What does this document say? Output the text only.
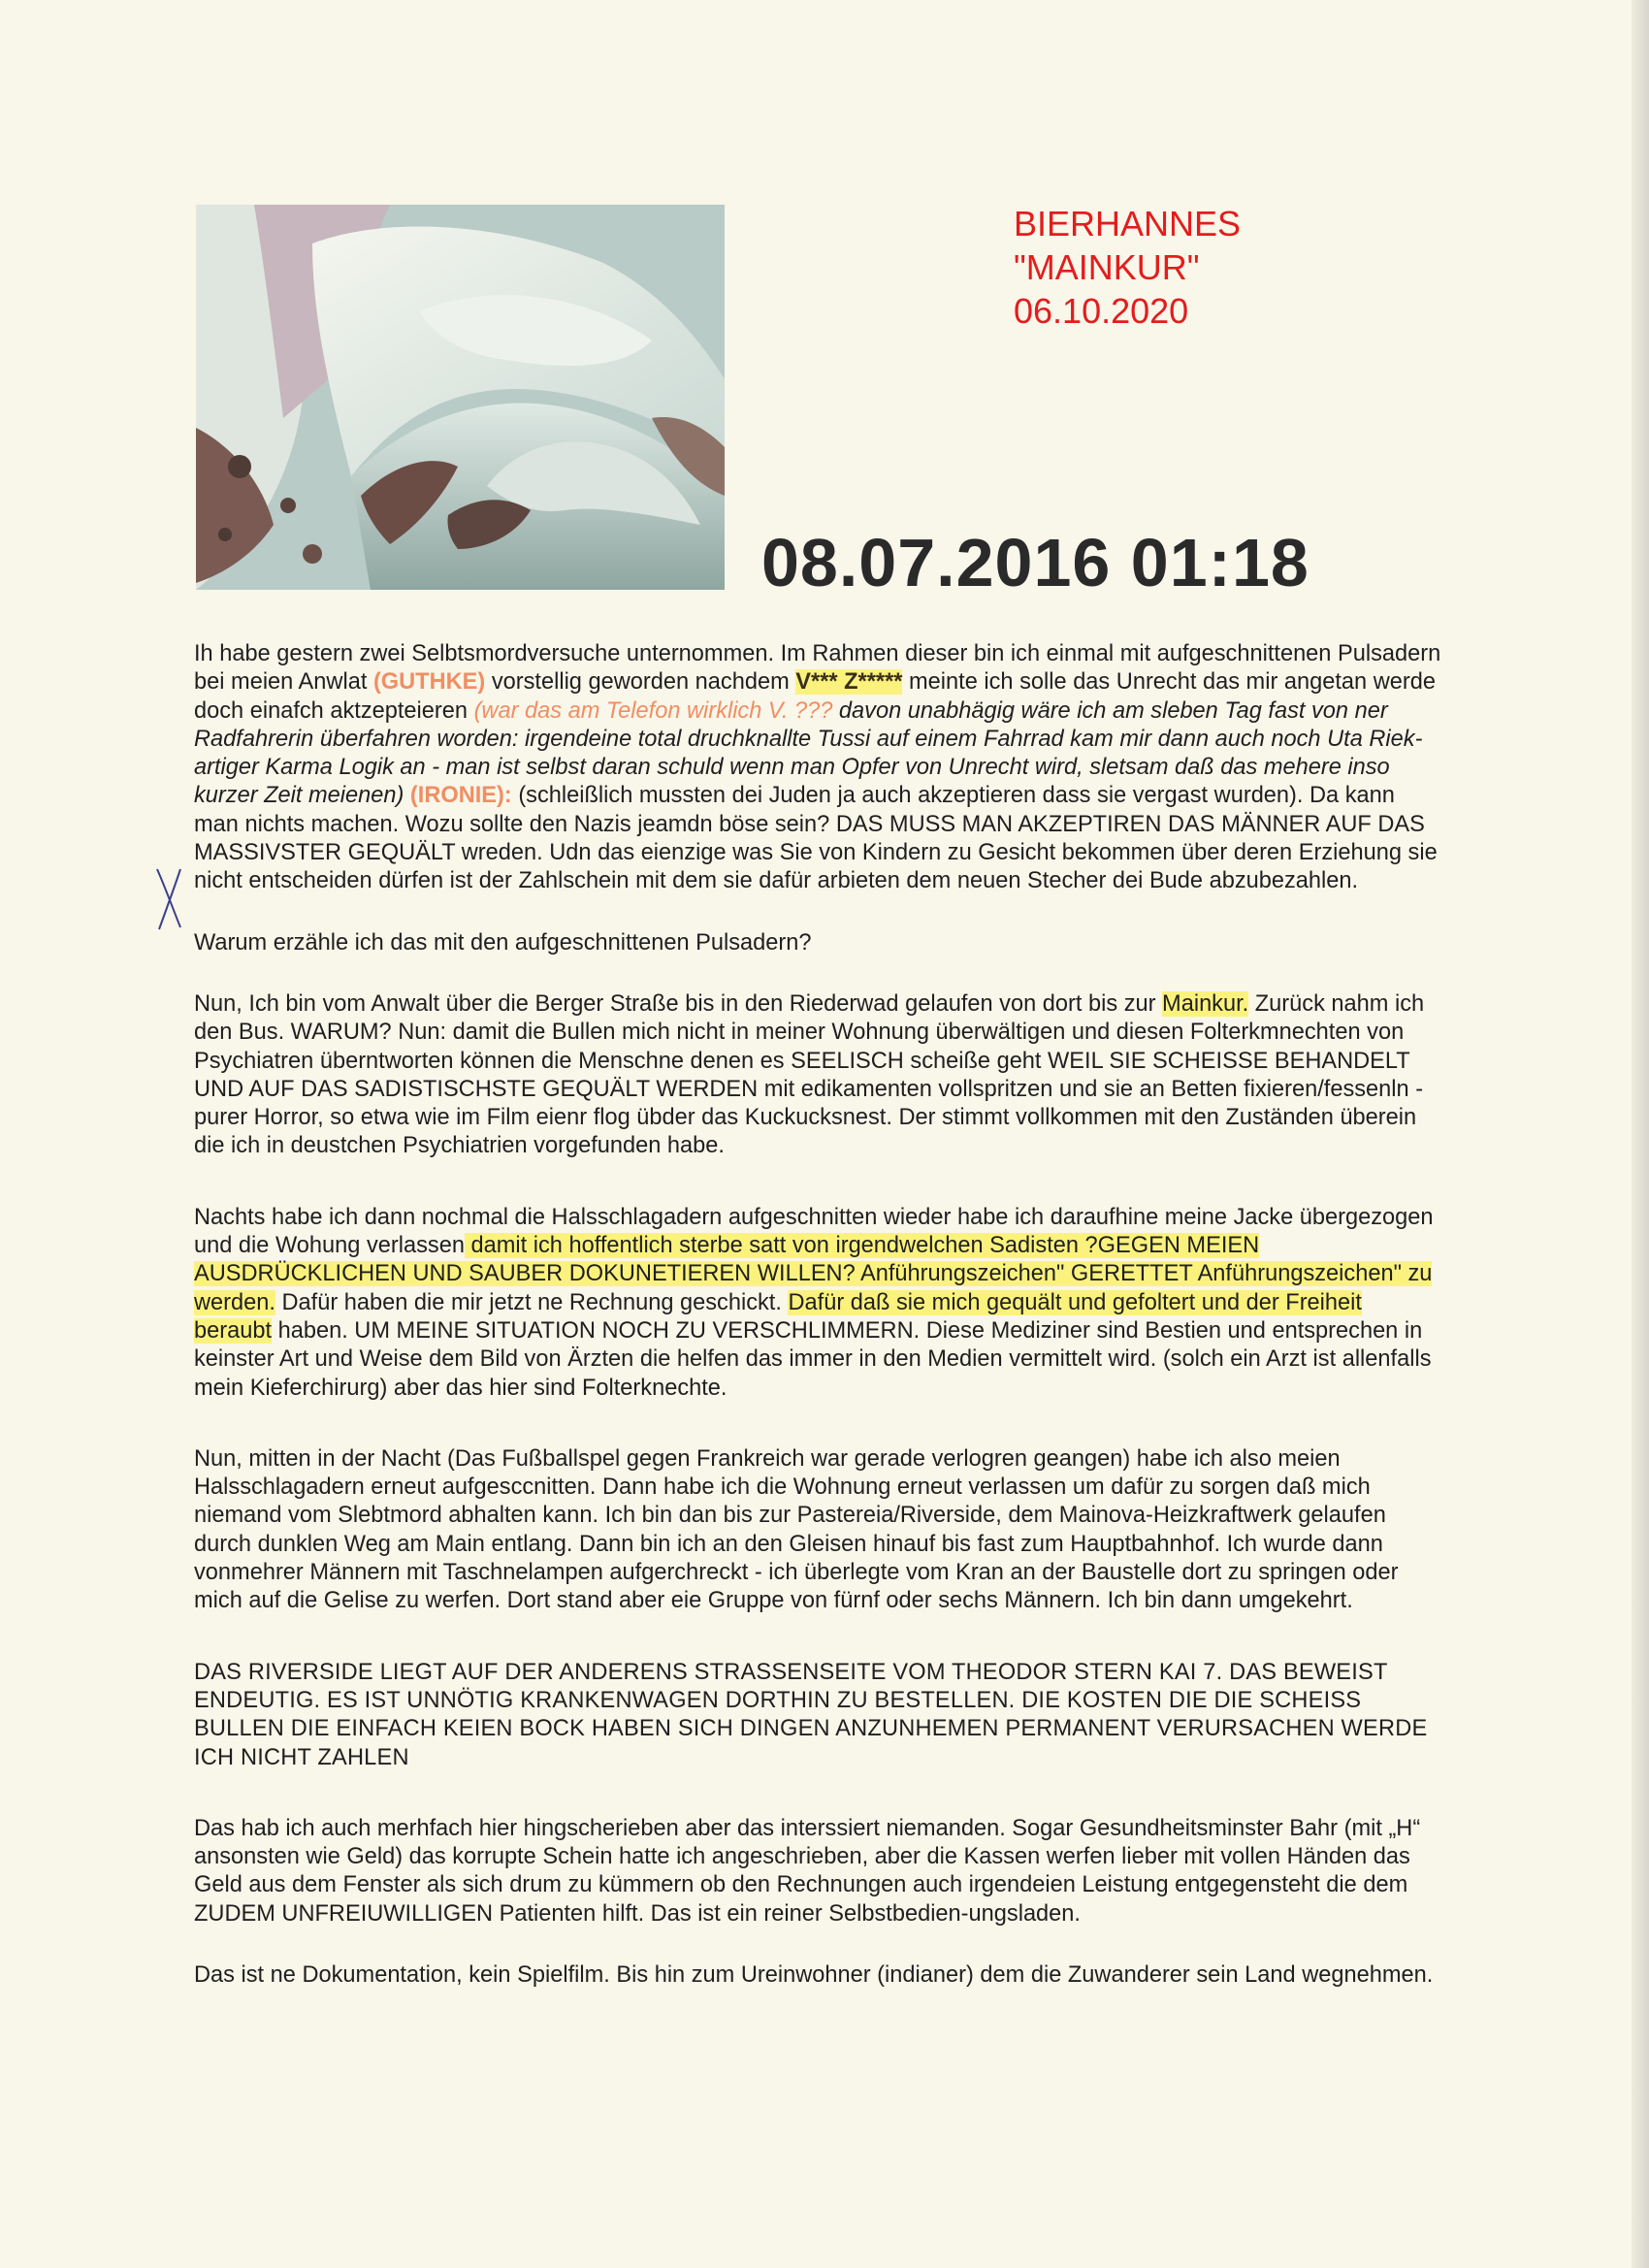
BIERHANNES
"MAINKUR"
06.10.2020
08.07.2016 01:18

Ih habe gestern zwei Selbtsmordversuche unternommen. Im Rahmen dieser bin ich einmal mit aufgeschnittenen Pulsadern bei meien Anwlat (GUTHKE) vorstellig geworden nachdem V*** Z***** meinte ich solle das Unrecht das mir angetan werde doch einafch aktzepteieren (war das am Telefon wirklich V. ??? davon unabhägig wäre ich am sleben Tag fast von ner Radfahrerin überfahren worden: irgendeine total druchknallte Tussi auf einem Fahrrad kam mir dann auch noch Uta Riek-artiger Karma Logik an - man ist selbst daran schuld wenn man Opfer von Unrecht wird, sletsam daß das mehere inso kurzer Zeit meienen) (IRONIE): (schleißlich mussten dei Juden ja auch akzeptieren dass sie vergast wurden). Da kann man nichts machen. Wozu sollte den Nazis jeamdn böse sein? DAS MUSS MAN AKZEPTIREN DAS MÄNNER AUF DAS MASSIVSTER GEQUÄLT wreden. Udn das eienzige was Sie von Kindern zu Gesicht bekommen über deren Erziehung sie nicht entscheiden dürfen ist der Zahlschein mit dem sie dafür arbieten dem neuen Stecher dei Bude abzubezahlen.

Warum erzähle ich das mit den aufgeschnittenen Pulsadern?

Nun, Ich bin vom Anwalt über die Berger Straße bis in den Riederwad gelaufen von dort bis zur Mainkur. Zurück nahm ich den Bus. WARUM? Nun: damit die Bullen mich nicht in meiner Wohnung überwältigen und diesen Folterkmnechten von Psychiatren überntworten können die Menschne denen es SEELISCH scheiße geht WEIL SIE SCHEISSE BEHANDELT UND AUF DAS SADISTISCHSTE GEQUÄLT WERDEN mit edikamenten vollspritzen und sie an Betten fixieren/fessenln - purer Horror, so etwa wie im Film eienr flog übder das Kuckucksnest. Der stimmt vollkommen mit den Zuständen überein die ich in deustchen Psychiatrien vorgefunden habe.

Nachts habe ich dann nochmal die Halsschlagadern aufgeschnitten wieder habe ich daraufhine meine Jacke übergezogen und die Wohung verlassen damit ich hoffentlich sterbe satt von irgendwelchen Sadisten ?GEGEN MEIEN AUSDRÜCKLICHEN UND SAUBER DOKUNETIEREN WILLEN? Anführungszeichen" GERETTET Anführungszeichen" zu werden. Dafür haben die mir jetzt ne Rechnung geschickt. Dafür daß sie mich gequält und gefoltert und der Freiheit beraubt haben. UM MEINE SITUATION NOCH ZU VERSCHLIMMERN. Diese Mediziner sind Bestien und entsprechen in keinster Art und Weise dem Bild von Ärzten die helfen das immer in den Medien vermittelt wird. (solch ein Arzt ist allenfalls mein Kieferchirurg) aber das hier sind Folterknechte.

Nun, mitten in der Nacht (Das Fußballspel gegen Frankreich war gerade verlogren geangen) habe ich also meien Halsschlagadern erneut aufgescсnitten. Dann habe ich die Wohnung erneut verlassen um dafür zu sorgen daß mich niemand vom Slebtmord abhalten kann. Ich bin dan bis zur Pastereia/Riverside, dem Mainova-Heizkraftwerk gelaufen durch dunklen Weg am Main entlang. Dann bin ich an den Gleisen hinauf bis fast zum Hauptbahnhof. Ich wurde dann vonmehrer Männern mit Taschnelampen aufgerchreckt - ich überlegte vom Kran an der Baustelle dort zu springen oder mich auf die Gelise zu werfen. Dort stand aber eie Gruppe von fürnf oder sechs Männern. Ich bin dann umgekehrt.

DAS RIVERSIDE LIEGT AUF DER ANDERENS STRASSENSEITE VOM THEODOR STERN KAI 7. DAS BEWEIST ENDEUTIG. ES IST UNNÖTIG KRANKENWAGEN DORTHIN ZU BESTELLEN. DIE KOSTEN DIE DIE SCHEISS BULLEN DIE EINFACH KEIEN BOCK HABEN SICH DINGEN ANZUNHEMEN PERMANENT VERURSACHEN WERDE ICH NICHT ZAHLEN

Das hab ich auch merhfach hier hingscherieben aber das interssiert niemanden. Sogar Gesundheitsminster Bahr (mit „H“ ansonsten wie Geld) das korrupte Schein hatte ich angeschrieben, aber die Kassen werfen lieber mit vollen Händen das Geld aus dem Fenster als sich drum zu kümmern ob den Rechnungen auch irgendeien Leistung entgegensteht die dem ZUDEM UNFREIUWILLIGEN Patienten hilft. Das ist ein reiner Selbstbedien-ungsladen.

Das ist ne Dokumentation, kein Spielfilm. Bis hin zum Ureinwohner (indianer) dem die Zuwanderer sein Land wegnehmen.
